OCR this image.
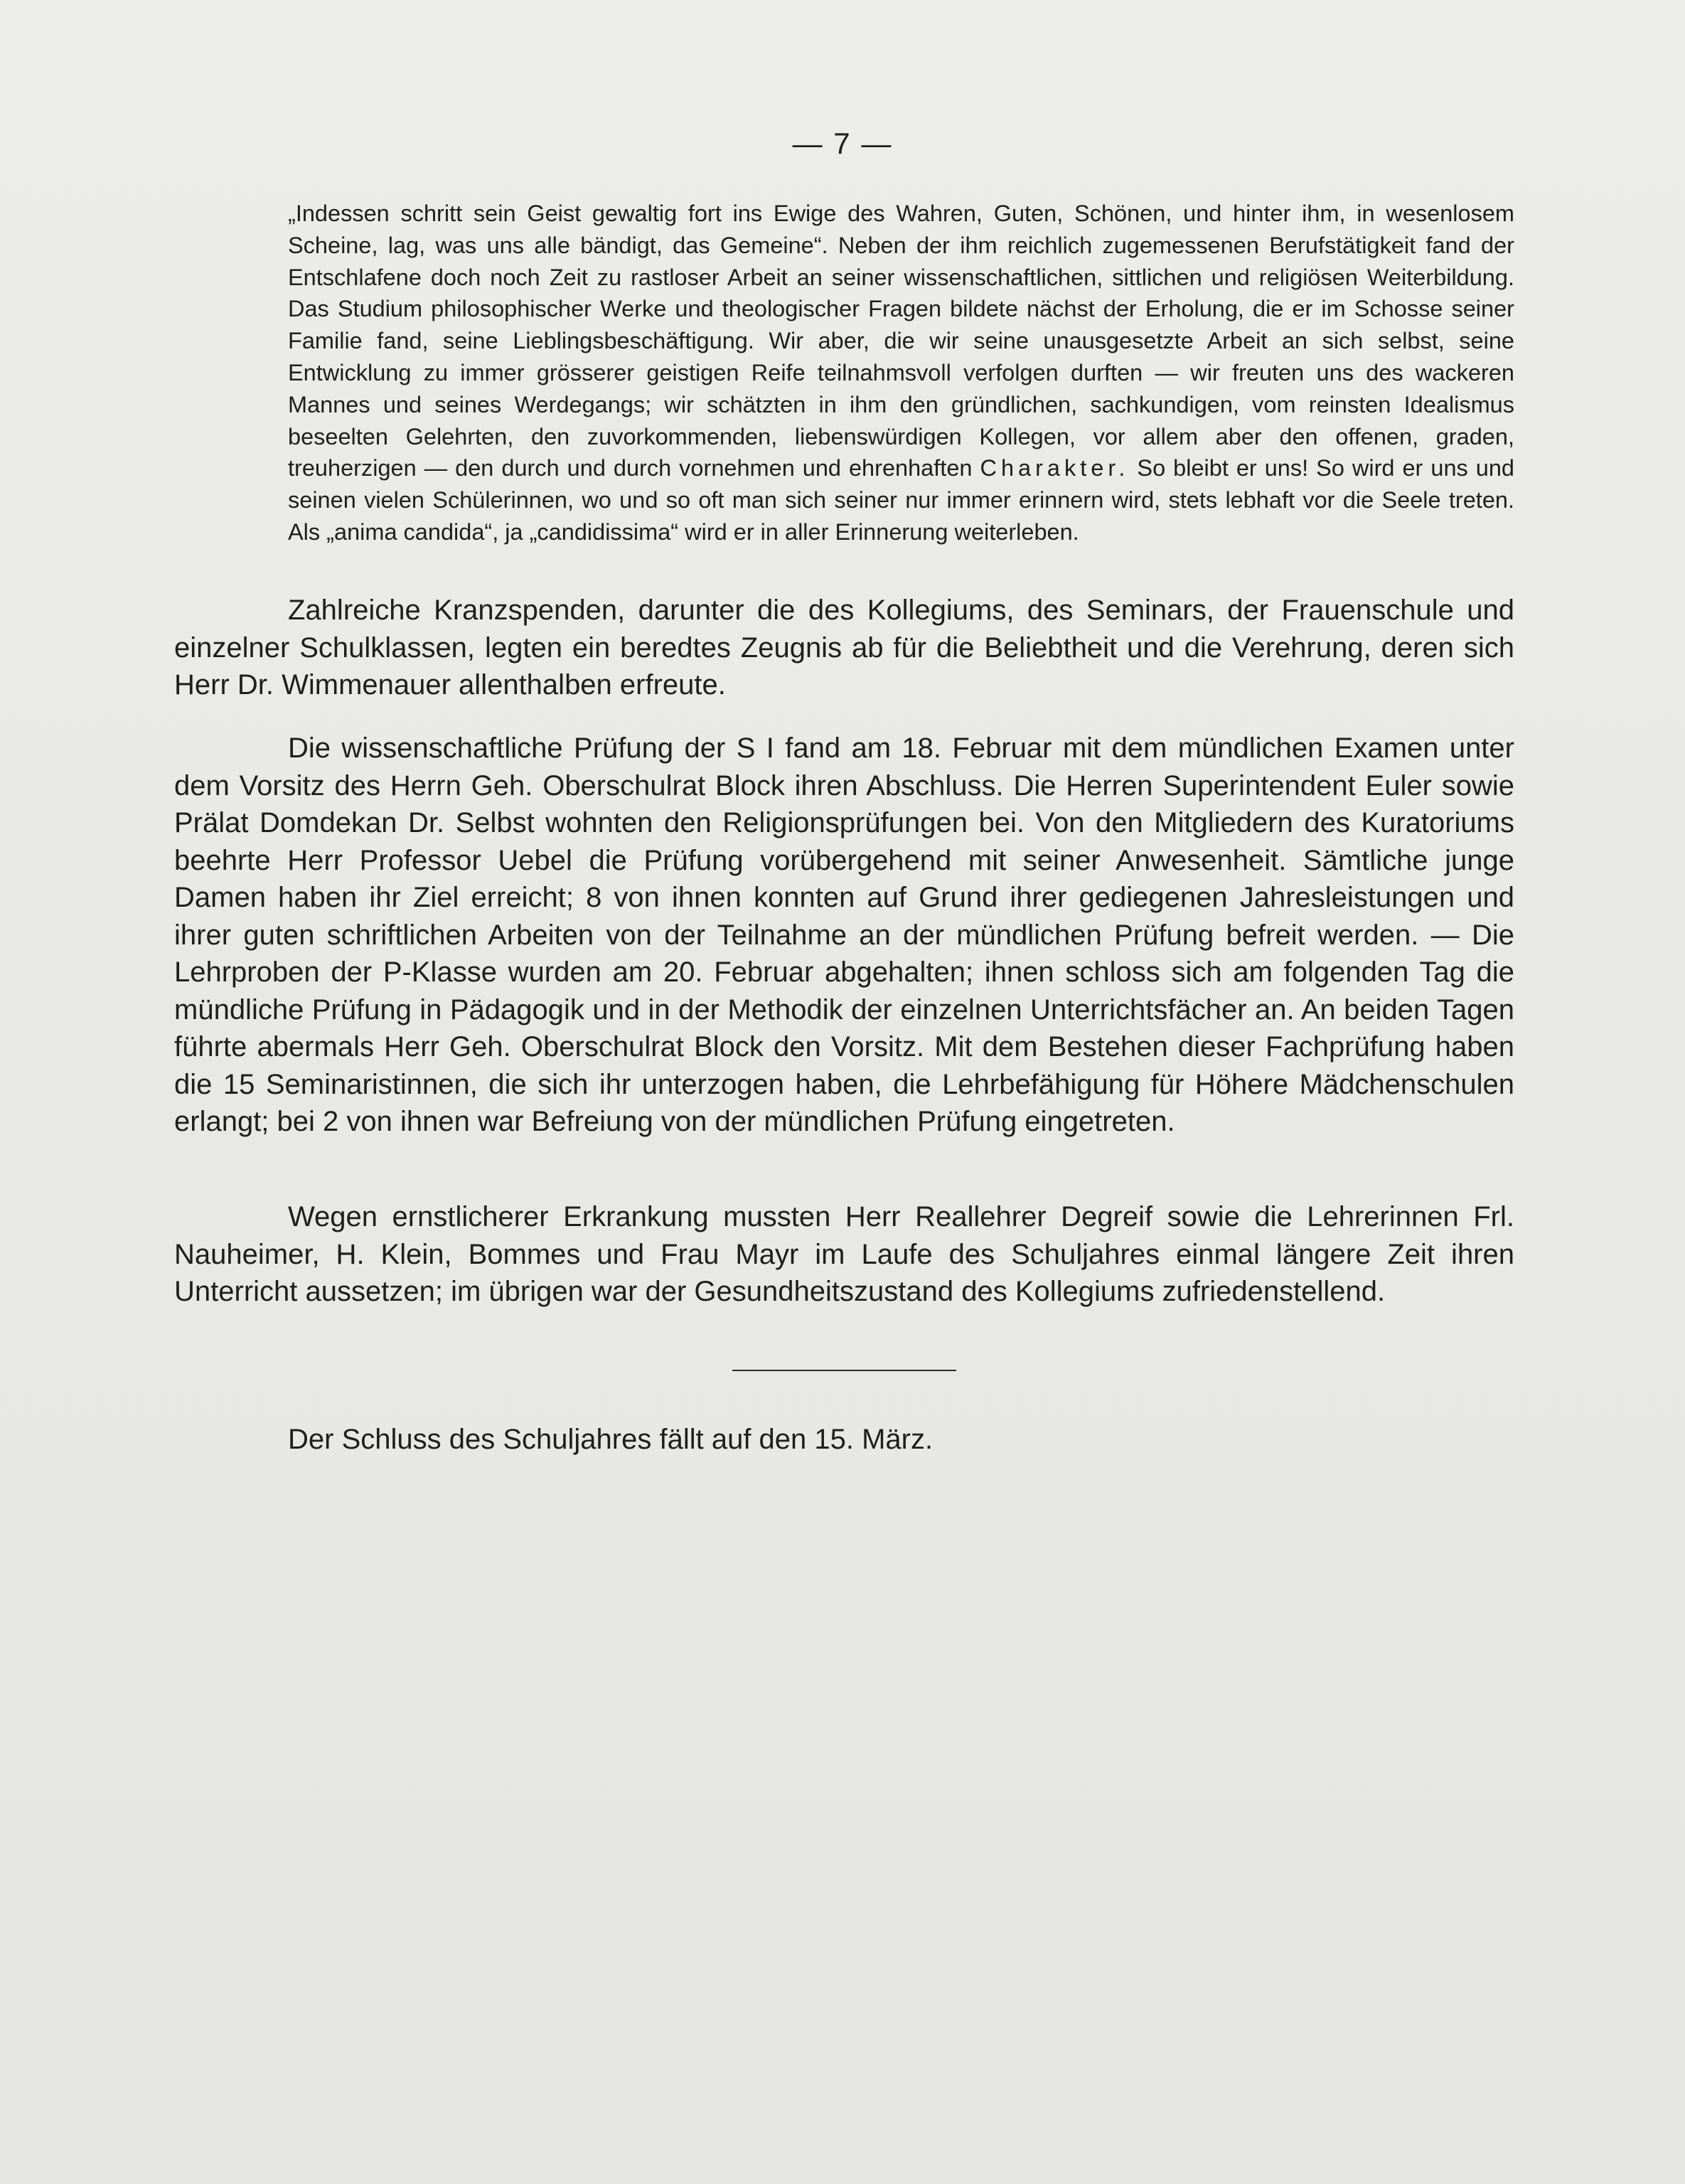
— 7 —

„Indessen schritt sein Geist gewaltig fort ins Ewige des Wahren, Guten, Schönen, und hinter ihm, in wesenlosem Scheine, lag, was uns alle bändigt, das Gemeine“. Neben der ihm reichlich zugemessenen Berufstätigkeit fand der Entschlafene doch noch Zeit zu rastloser Arbeit an seiner wissenschaftlichen, sittlichen und religiösen Weiterbildung. Das Studium philosophischer Werke und theologischer Fragen bildete nächst der Erholung, die er im Schosse seiner Familie fand, seine Lieblingsbeschäftigung. Wir aber, die wir seine unausgesetzte Arbeit an sich selbst, seine Entwicklung zu immer grösserer geistigen Reife teilnahmsvoll verfolgen durften — wir freuten uns des wackeren Mannes und seines Werdegangs; wir schätzten in ihm den gründlichen, sachkundigen, vom reinsten Idealismus beseelten Gelehrten, den zuvorkommenden, liebenswürdigen Kollegen, vor allem aber den offenen, graden, treuherzigen — den durch und durch vornehmen und ehrenhaften Charakter. So bleibt er uns! So wird er uns und seinen vielen Schülerinnen, wo und so oft man sich seiner nur immer erinnern wird, stets lebhaft vor die Seele treten. Als „anima candida“, ja „candidissima“ wird er in aller Erinnerung weiterleben.

Zahlreiche Kranzspenden, darunter die des Kollegiums, des Seminars, der Frauenschule und einzelner Schulklassen, legten ein beredtes Zeugnis ab für die Beliebtheit und die Verehrung, deren sich Herr Dr. Wimmenauer allenthalben erfreute.

Die wissenschaftliche Prüfung der S I fand am 18. Februar mit dem mündlichen Examen unter dem Vorsitz des Herrn Geh. Oberschulrat Block ihren Abschluss. Die Herren Superintendent Euler sowie Prälat Domdekan Dr. Selbst wohnten den Religionsprüfungen bei. Von den Mitgliedern des Kuratoriums beehrte Herr Professor Uebel die Prüfung vorübergehend mit seiner Anwesenheit. Sämtliche junge Damen haben ihr Ziel erreicht; 8 von ihnen konnten auf Grund ihrer gediegenen Jahresleistungen und ihrer guten schriftlichen Arbeiten von der Teilnahme an der mündlichen Prüfung befreit werden. — Die Lehrproben der P-Klasse wurden am 20. Februar abgehalten; ihnen schloss sich am folgenden Tag die mündliche Prüfung in Pädagogik und in der Methodik der einzelnen Unterrichtsfächer an. An beiden Tagen führte abermals Herr Geh. Oberschulrat Block den Vorsitz. Mit dem Bestehen dieser Fachprüfung haben die 15 Seminaristinnen, die sich ihr unterzogen haben, die Lehrbefähigung für Höhere Mädchenschulen erlangt; bei 2 von ihnen war Befreiung von der mündlichen Prüfung eingetreten.

Wegen ernstlicherer Erkrankung mussten Herr Reallehrer Degreif sowie die Lehrerinnen Frl. Nauheimer, H. Klein, Bommes und Frau Mayr im Laufe des Schuljahres einmal längere Zeit ihren Unterricht aussetzen; im übrigen war der Gesundheitszustand des Kollegiums zufriedenstellend.

Der Schluss des Schuljahres fällt auf den 15. März.
